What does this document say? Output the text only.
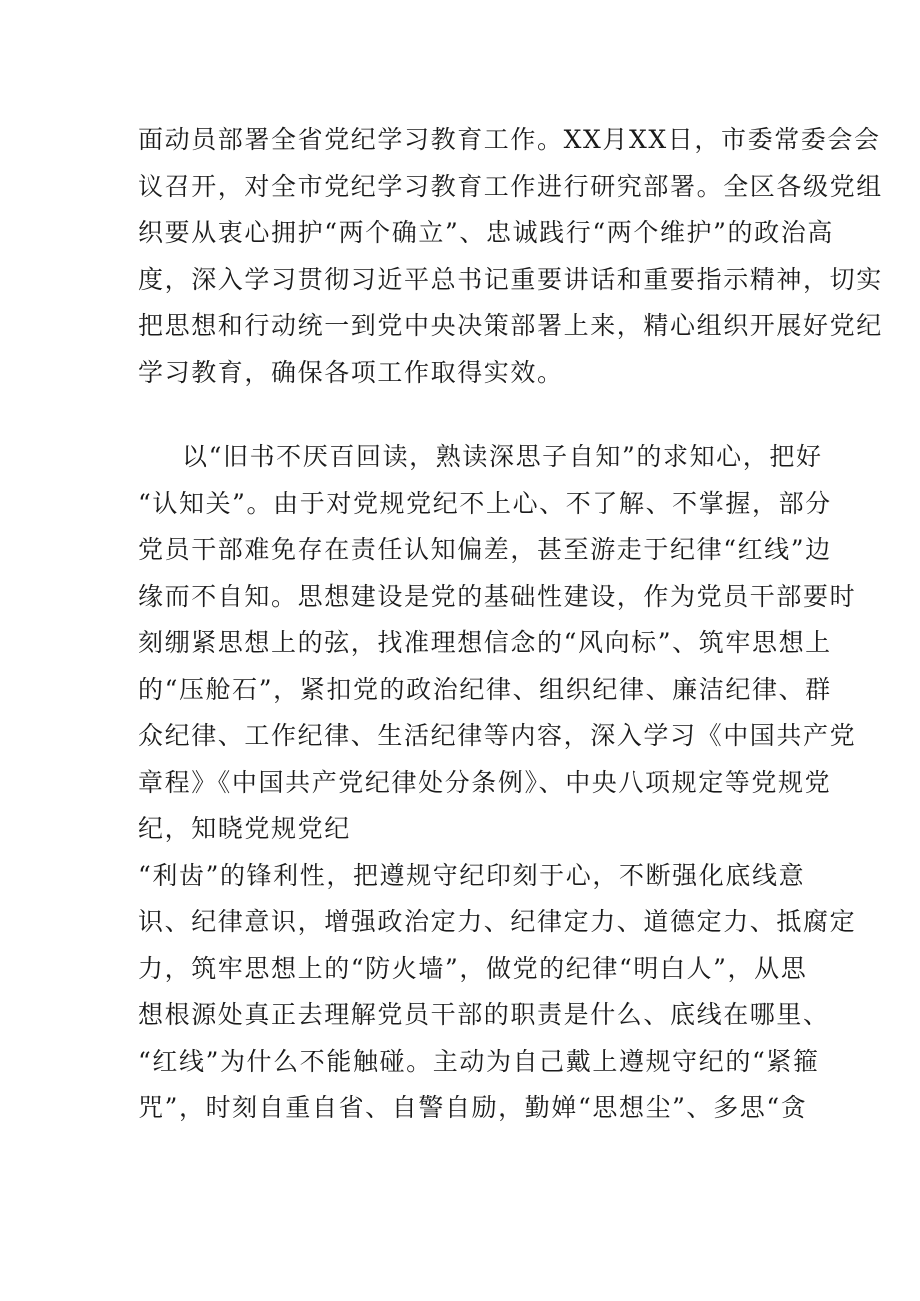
面动员部署全省党纪学习教育工作。XX月XX日，市委常委会会
议召开，对全市党纪学习教育工作进行研究部署。全区各级党组
织要从衷心拥护“两个确立”、忠诚践行“两个维护”的政治高
度，深入学习贯彻习近平总书记重要讲话和重要指示精神，切实
把思想和行动统一到党中央决策部署上来，精心组织开展好党纪
学习教育，确保各项工作取得实效。
以“旧书不厌百回读，熟读深思子自知”的求知心，把好
“认知关”。由于对党规党纪不上心、不了解、不掌握，部分
党员干部难免存在责任认知偏差，甚至游走于纪律“红线”边
缘而不自知。思想建设是党的基础性建设，作为党员干部要时
刻绷紧思想上的弦，找准理想信念的“风向标”、筑牢思想上
的“压舱石”，紧扣党的政治纪律、组织纪律、廉洁纪律、群
众纪律、工作纪律、生活纪律等内容，深入学习《中国共产党
章程》《中国共产党纪律处分条例》、中央八项规定等党规党
纪，知晓党规党纪
“利齿”的锋利性，把遵规守纪印刻于心，不断强化底线意
识、纪律意识，增强政治定力、纪律定力、道德定力、抵腐定
力，筑牢思想上的“防火墙”，做党的纪律“明白人”，从思
想根源处真正去理解党员干部的职责是什么、底线在哪里、
“红线”为什么不能触碰。主动为自己戴上遵规守纪的“紧箍
咒”，时刻自重自省、自警自励，勤婵“思想尘”、多思“贪
